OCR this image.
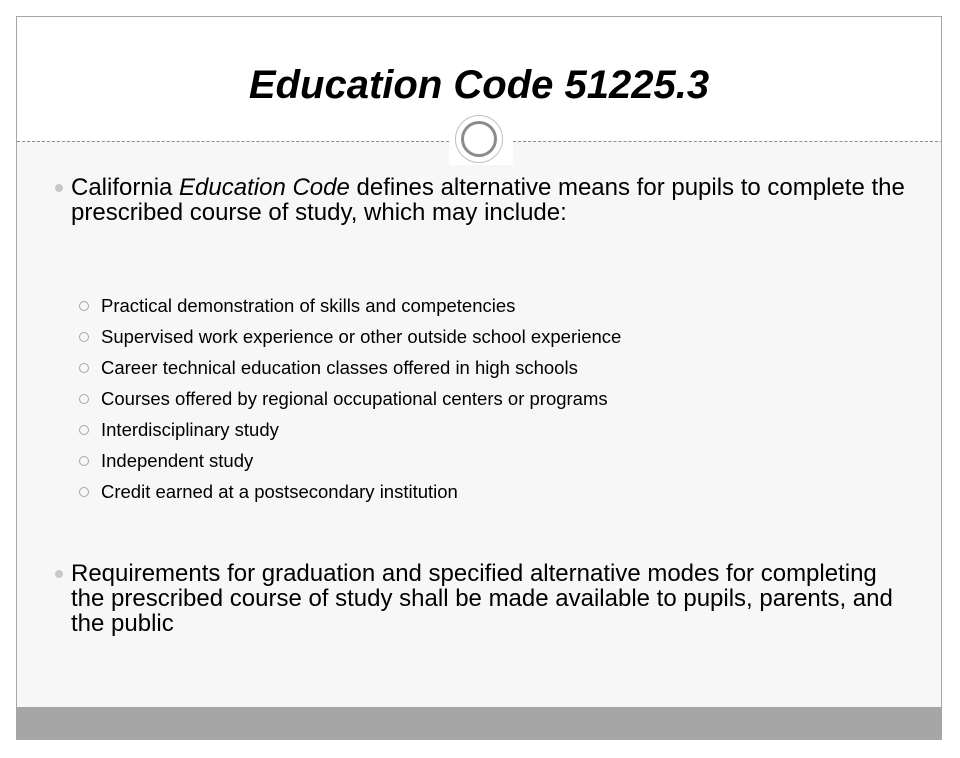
Education Code 51225.3
California Education Code defines alternative means for pupils to complete the prescribed course of study, which may include:
Practical demonstration of skills and competencies
Supervised work experience or other outside school experience
Career technical education classes offered in high schools
Courses offered by regional occupational centers or programs
Interdisciplinary study
Independent study
Credit earned at a postsecondary institution
Requirements for graduation and specified alternative modes for completing the prescribed course of study shall be made available to pupils, parents, and the public
